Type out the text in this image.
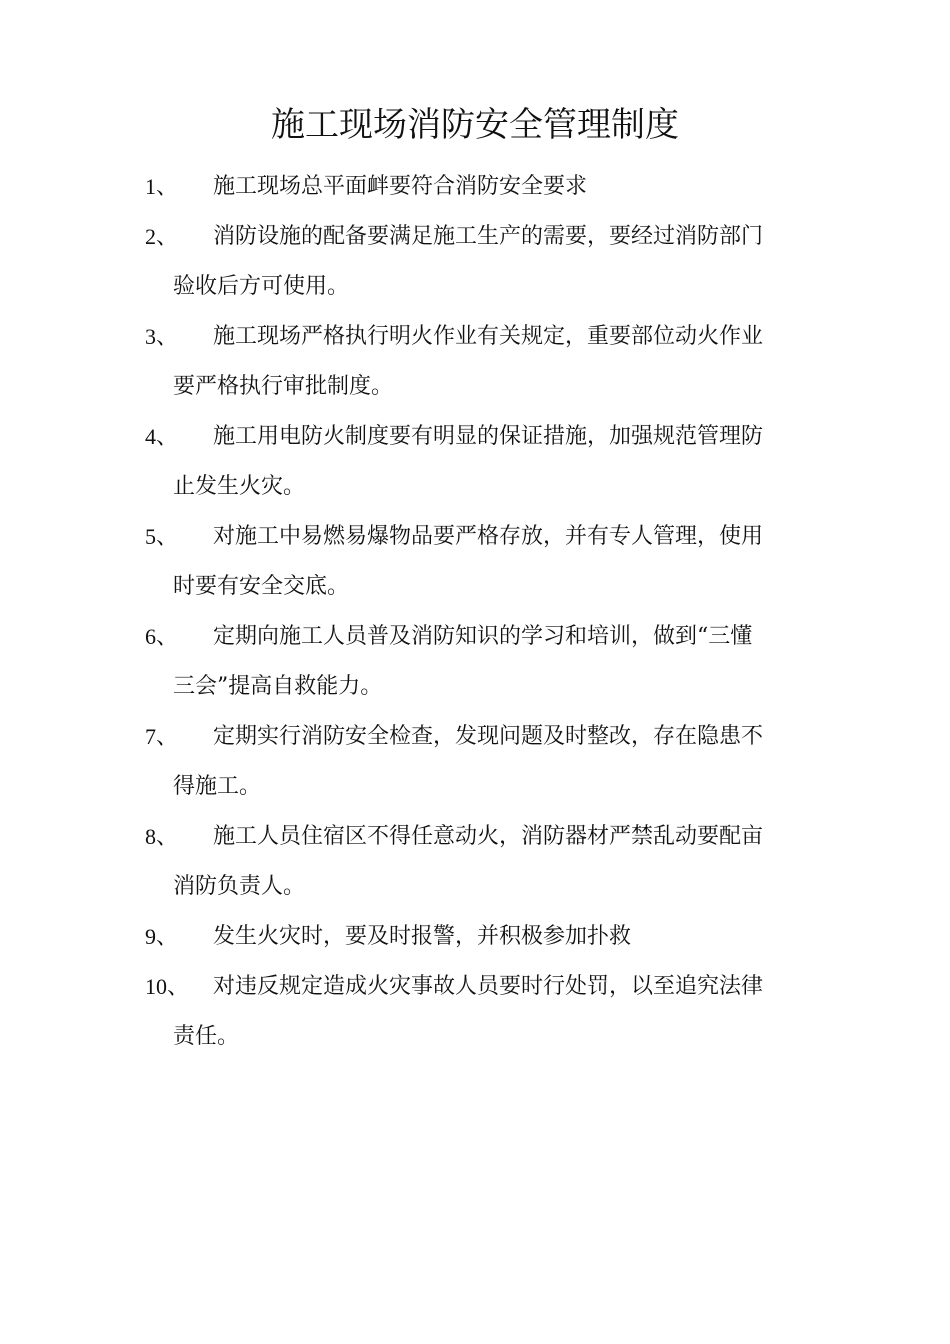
施工现场消防安全管理制度
1、 施工现场总平面衅要符合消防安全要求
2、 消防设施的配备要满足施工生产的需要，要经过消防部门
验收后方可使用。
3、 施工现场严格执行明火作业有关规定，重要部位动火作业
要严格执行审批制度。
4、 施工用电防火制度要有明显的保证措施，加强规范管理防
止发生火灾。
5、 对施工中易燃易爆物品要严格存放，并有专人管理，使用
时要有安全交底。
6、 定期向施工人员普及消防知识的学习和培训，做到“三懂
三会”提高自救能力。
7、 定期实行消防安全检查，发现问题及时整改，存在隐患不
得施工。
8、 施工人员住宿区不得任意动火，消防器材严禁乱动要配亩
消防负责人。
9、 发生火灾时，要及时报警，并积极参加扑救
10、 对违反规定造成火灾事故人员要时行处罚，以至追究法律
责任。
